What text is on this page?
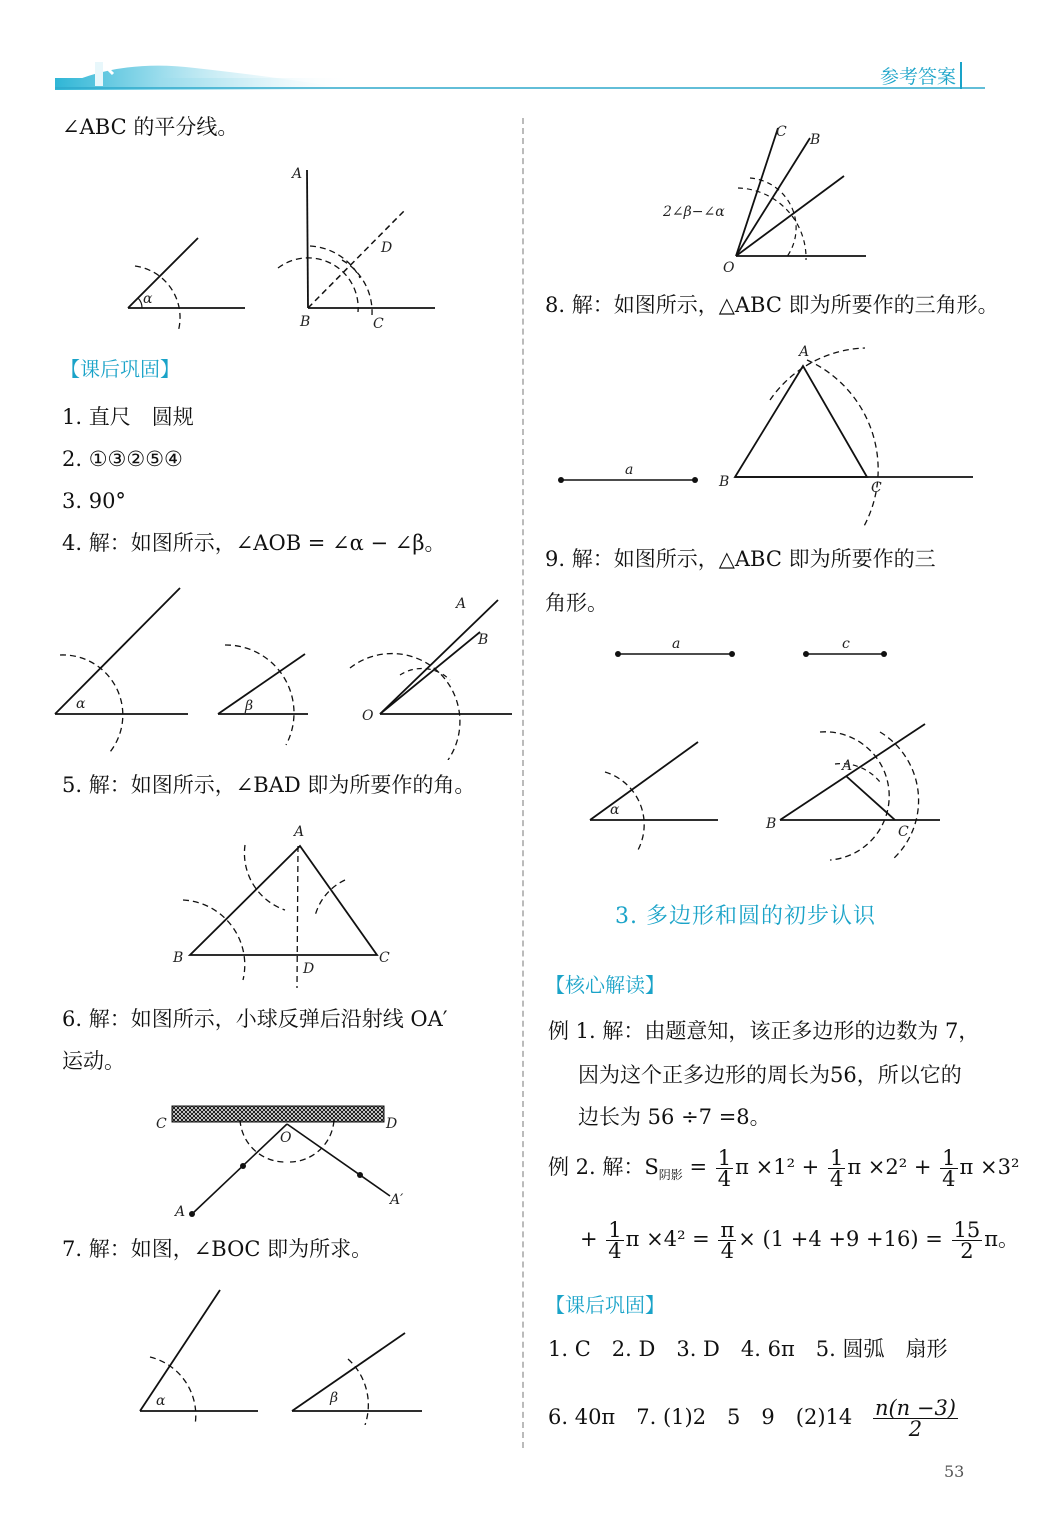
参考答案
∠ABC 的平分线。
α
A
D
B	C
【课后巩固】
1. 直尺　圆规
2. ①③②⑤④
3. 90°
4. 解：如图所示，∠AOB = ∠α − ∠β。
α	β
A
B
O
5. 解：如图所示，∠BAD 即为所要作的角。
A
B	C
D
6. 解：如图所示，小球反弹后沿射线 OA′
运动。
C
O
D
A
A′
7. 解：如图，∠BOC 即为所求。
α	β
C B
2∠β−∠α
O
8. 解：如图所示，△ABC 即为所要作的三角形。
a
A
B	C
9. 解：如图所示，△ABC 即为所要作的三
角形。
a	c
α
A
B	C
3. 多边形和圆的初步认识
【核心解读】
例 1. 解：由题意知，该正多边形的边数为 7，
因为这个正多边形的周长为56，所以它的
边长为 56 ÷7 =8。
例 2. 解：$S_{阴影} = \frac{1}{4}$ $\pi \times 1^2 + \frac{1}{4}$ $\pi \times 2^2 + \frac{1}{4}$ π ×3²
+ $\frac{1}{4}$ $\pi \times 4^2 = \frac{\pi}{4} \times (1 +4 +9 +16) = \frac{15}{2}$ π。
【课后巩固】
1. C　2. D　3. D　4. 6π　5. 圆弧　扇形
6. 40π　7. (1)2　5　9　$(2)14 \frac{n(n -3)}{2}$
53
